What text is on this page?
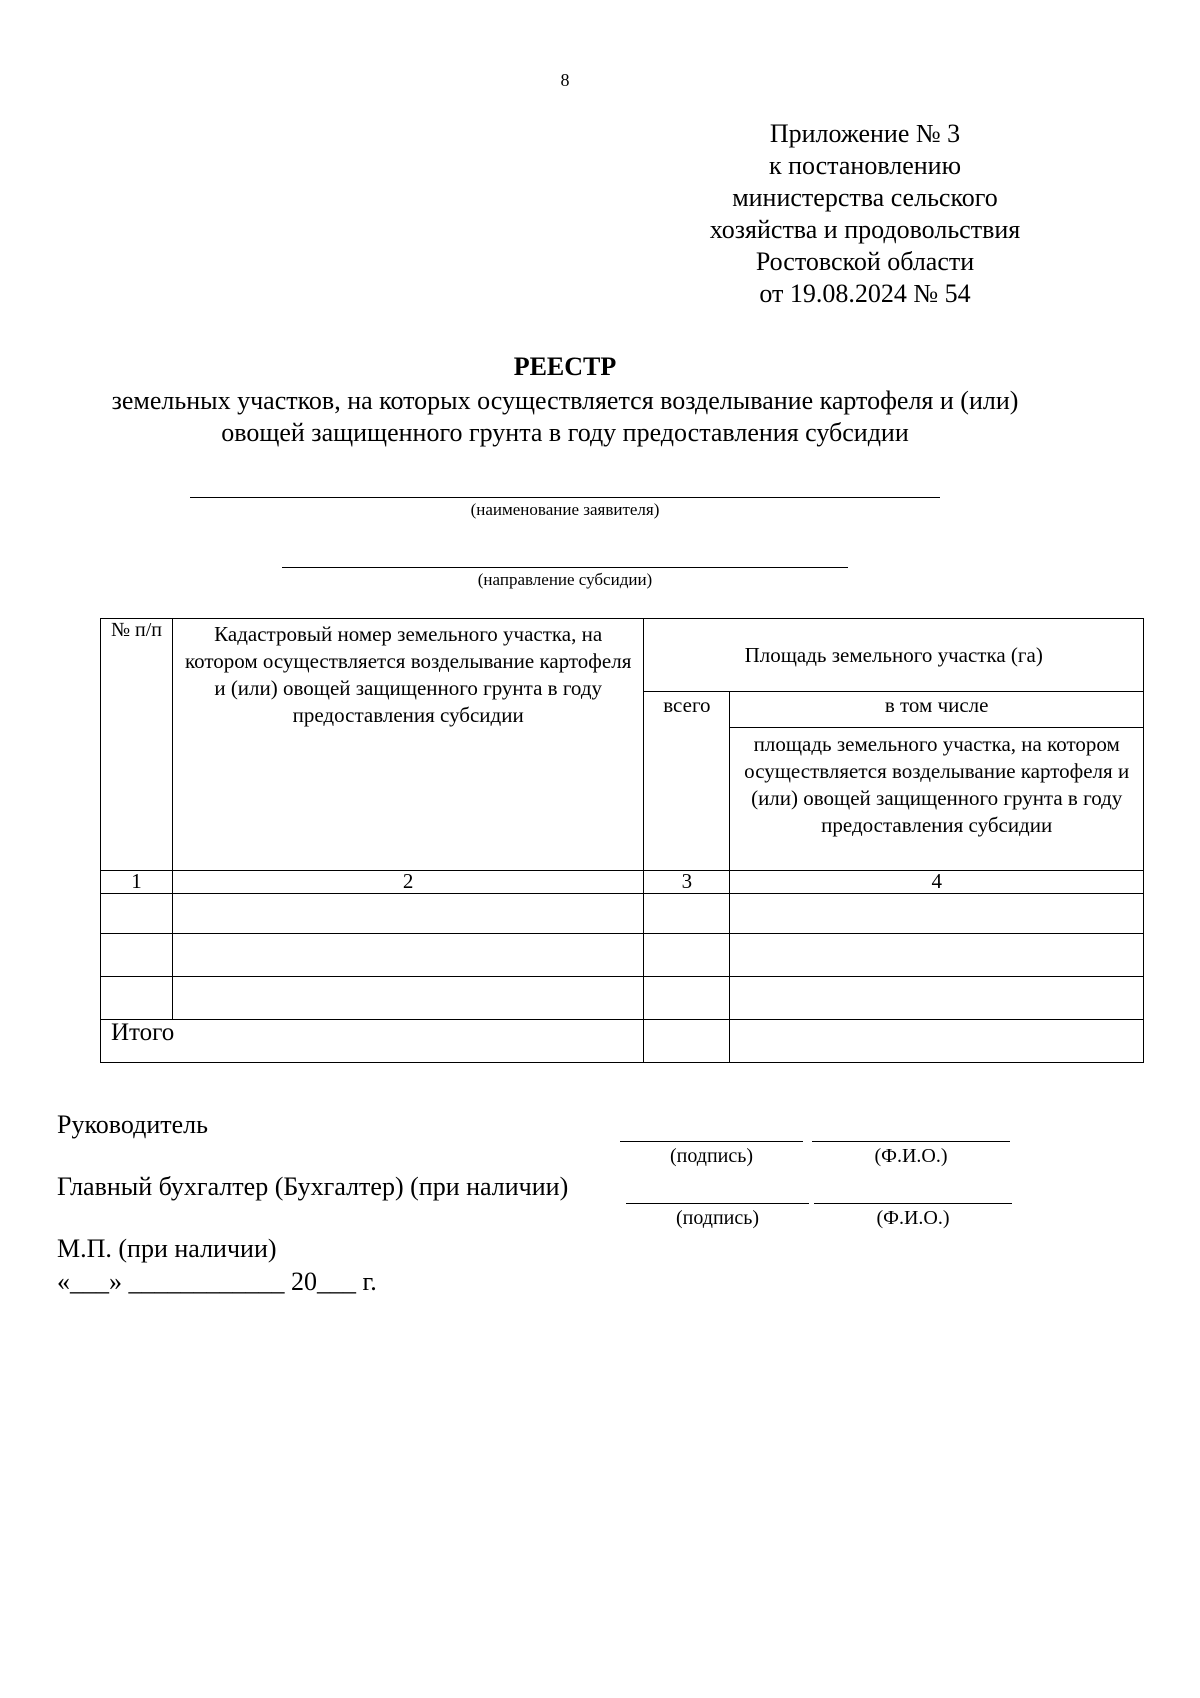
8
Приложение № 3
к постановлению
министерства сельского
хозяйства и продовольствия
Ростовской области
от 19.08.2024 № 54
РЕЕСТР
земельных участков, на которых осуществляется возделывание картофеля и (или)
овощей защищенного грунта в году предоставления субсидии
(наименование заявителя)
(направление субсидии)
№ п/п	Кадастровый номер земельного участка, на котором осуществляется возделывание картофеля и (или) овощей защищенного грунта в году предоставления субсидии	Площадь земельного участка (га)	
		всего	в том числе
			площадь земельного участка, на котором осуществляется возделывание картофеля и (или) овощей защищенного грунта в году предоставления субсидии
1	2	3	4

Итого			
Руководитель
(подпись)	(Ф.И.О.)
Главный бухгалтер (Бухгалтер) (при наличии)
(подпись)	(Ф.И.О.)
М.П. (при наличии)
«___» ____________ 20___ г.
